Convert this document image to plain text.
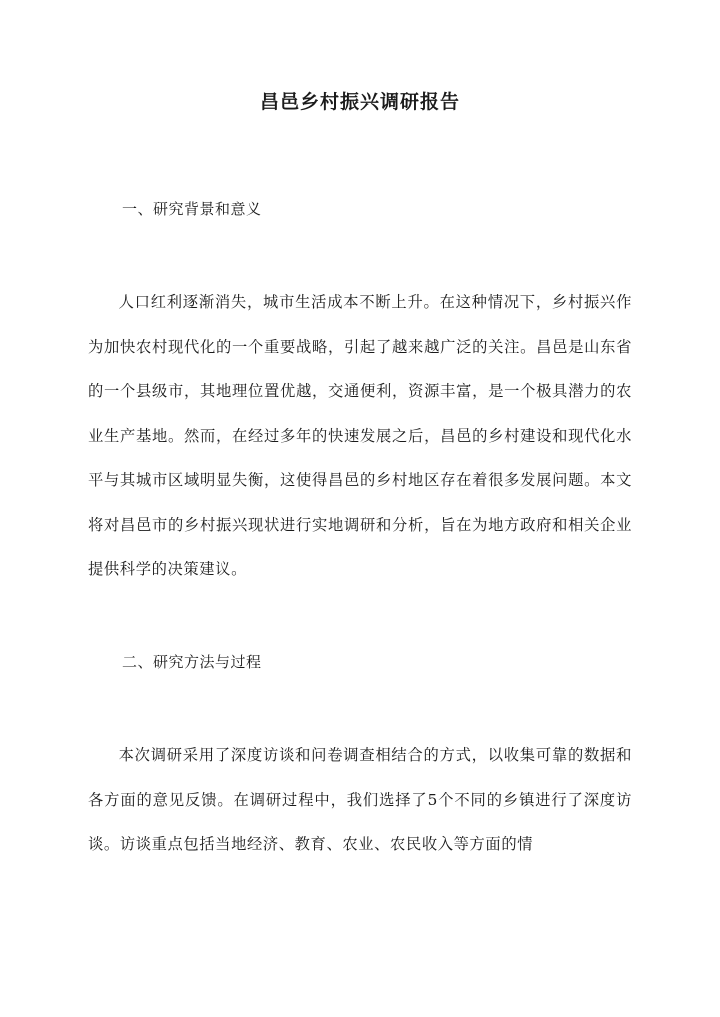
昌邑乡村振兴调研报告
一、研究背景和意义

人口红利逐渐消失，城市生活成本不断上升。在这种情况下，乡村振兴作为加快农村现代化的一个重要战略，引起了越来越广泛的关注。昌邑是山东省的一个县级市，其地理位置优越，交通便利，资源丰富，是一个极具潜力的农业生产基地。然而，在经过多年的快速发展之后，昌邑的乡村建设和现代化水平与其城市区域明显失衡，这使得昌邑的乡村地区存在着很多发展问题。本文将对昌邑市的乡村振兴现状进行实地调研和分析，旨在为地方政府和相关企业提供科学的决策建议。

二、研究方法与过程

本次调研采用了深度访谈和问卷调查相结合的方式，以收集可靠的数据和各方面的意见反馈。在调研过程中，我们选择了5个不同的乡镇进行了深度访谈。访谈重点包括当地经济、教育、农业、农民收入等方面的情
